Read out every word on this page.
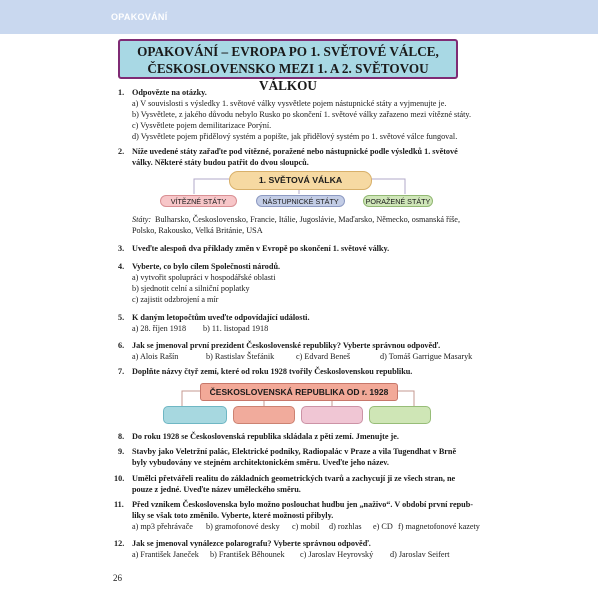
OPAKOVÁNÍ
OPAKOVÁNÍ – EVROPA PO 1. SVĚTOVÉ VÁLCE,
ČESKOSLOVENSKO MEZI 1. A 2. SVĚTOVOU VÁLKOU
1. Odpovězte na otázky.
a) V souvislosti s výsledky 1. světové války vysvětlete pojem nástupnické státy a vyjmenujte je.
b) Vysvětlete, z jakého důvodu nebylo Rusko po skončení 1. světové války zařazeno mezi vítězné státy.
c) Vysvětlete pojem demilitarizace Porýní.
d) Vysvětlete pojem přidělový systém a popište, jak přidělový systém po 1. světové válce fungoval.
2. Níže uvedené státy zařaďte pod vítězné, poražené nebo nástupnické podle výsledků 1. světové
války. Některé státy budou patřit do dvou sloupců.
1. SVĚTOVÁ VÁLKA
VÍTĚZNÉ STÁTY	NÁSTUPNICKÉ STÁTY	PORAŽENÉ STÁTY
Státy: Bulharsko, Československo, Francie, Itálie, Jugoslávie, Maďarsko, Německo, osmanská říše,
Polsko, Rakousko, Velká Británie, USA
3. Uveďte alespoň dva příklady změn v Evropě po skončení 1. světové války.
4. Vyberte, co bylo cílem Společnosti národů.
a) vytvořit spolupráci v hospodářské oblasti
b) sjednotit celní a silniční poplatky
c) zajistit odzbrojení a mír
5. K daným letopočtům uveďte odpovídající události.
a) 28. říjen 1918 b) 11. listopad 1918
6. Jak se jmenoval první prezident Československé republiky? Vyberte správnou odpověď.
a) Alois Rašín	b) Rastislav Štefánik	c) Edvard Beneš	d) Tomáš Garrigue Masaryk
7. Doplňte názvy čtyř zemí, které od roku 1928 tvořily Československou republiku.
ČESKOSLOVENSKÁ REPUBLIKA OD r. 1928
8. Do roku 1928 se Československá republika skládala z pěti zemí. Jmenujte je.
9. Stavby jako Veletržní palác, Elektrické podniky, Radiopalác v Praze a vila Tugendhat v Brně
byly vybudovány ve stejném architektonickém směru. Uveďte jeho název.
10. Umělci přetvářeli realitu do základních geometrických tvarů a zachycují ji ze všech stran, ne
pouze z jedné. Uveďte název uměleckého směru.
11. Před vznikem Československa bylo možno poslouchat hudbu jen „naživo“. V období první repub-
liky se však toto změnilo. Vyberte, které možnosti přibyly.
a) mp3 přehrávače b) gramofonové desky c) mobil d) rozhlas e) CD f) magnetofonové kazety
12. Jak se jmenoval vynálezce polarografu? Vyberte správnou odpověď.
a) František Janeček b) František Běhounek c) Jaroslav Heyrovský d) Jaroslav Seifert
26
